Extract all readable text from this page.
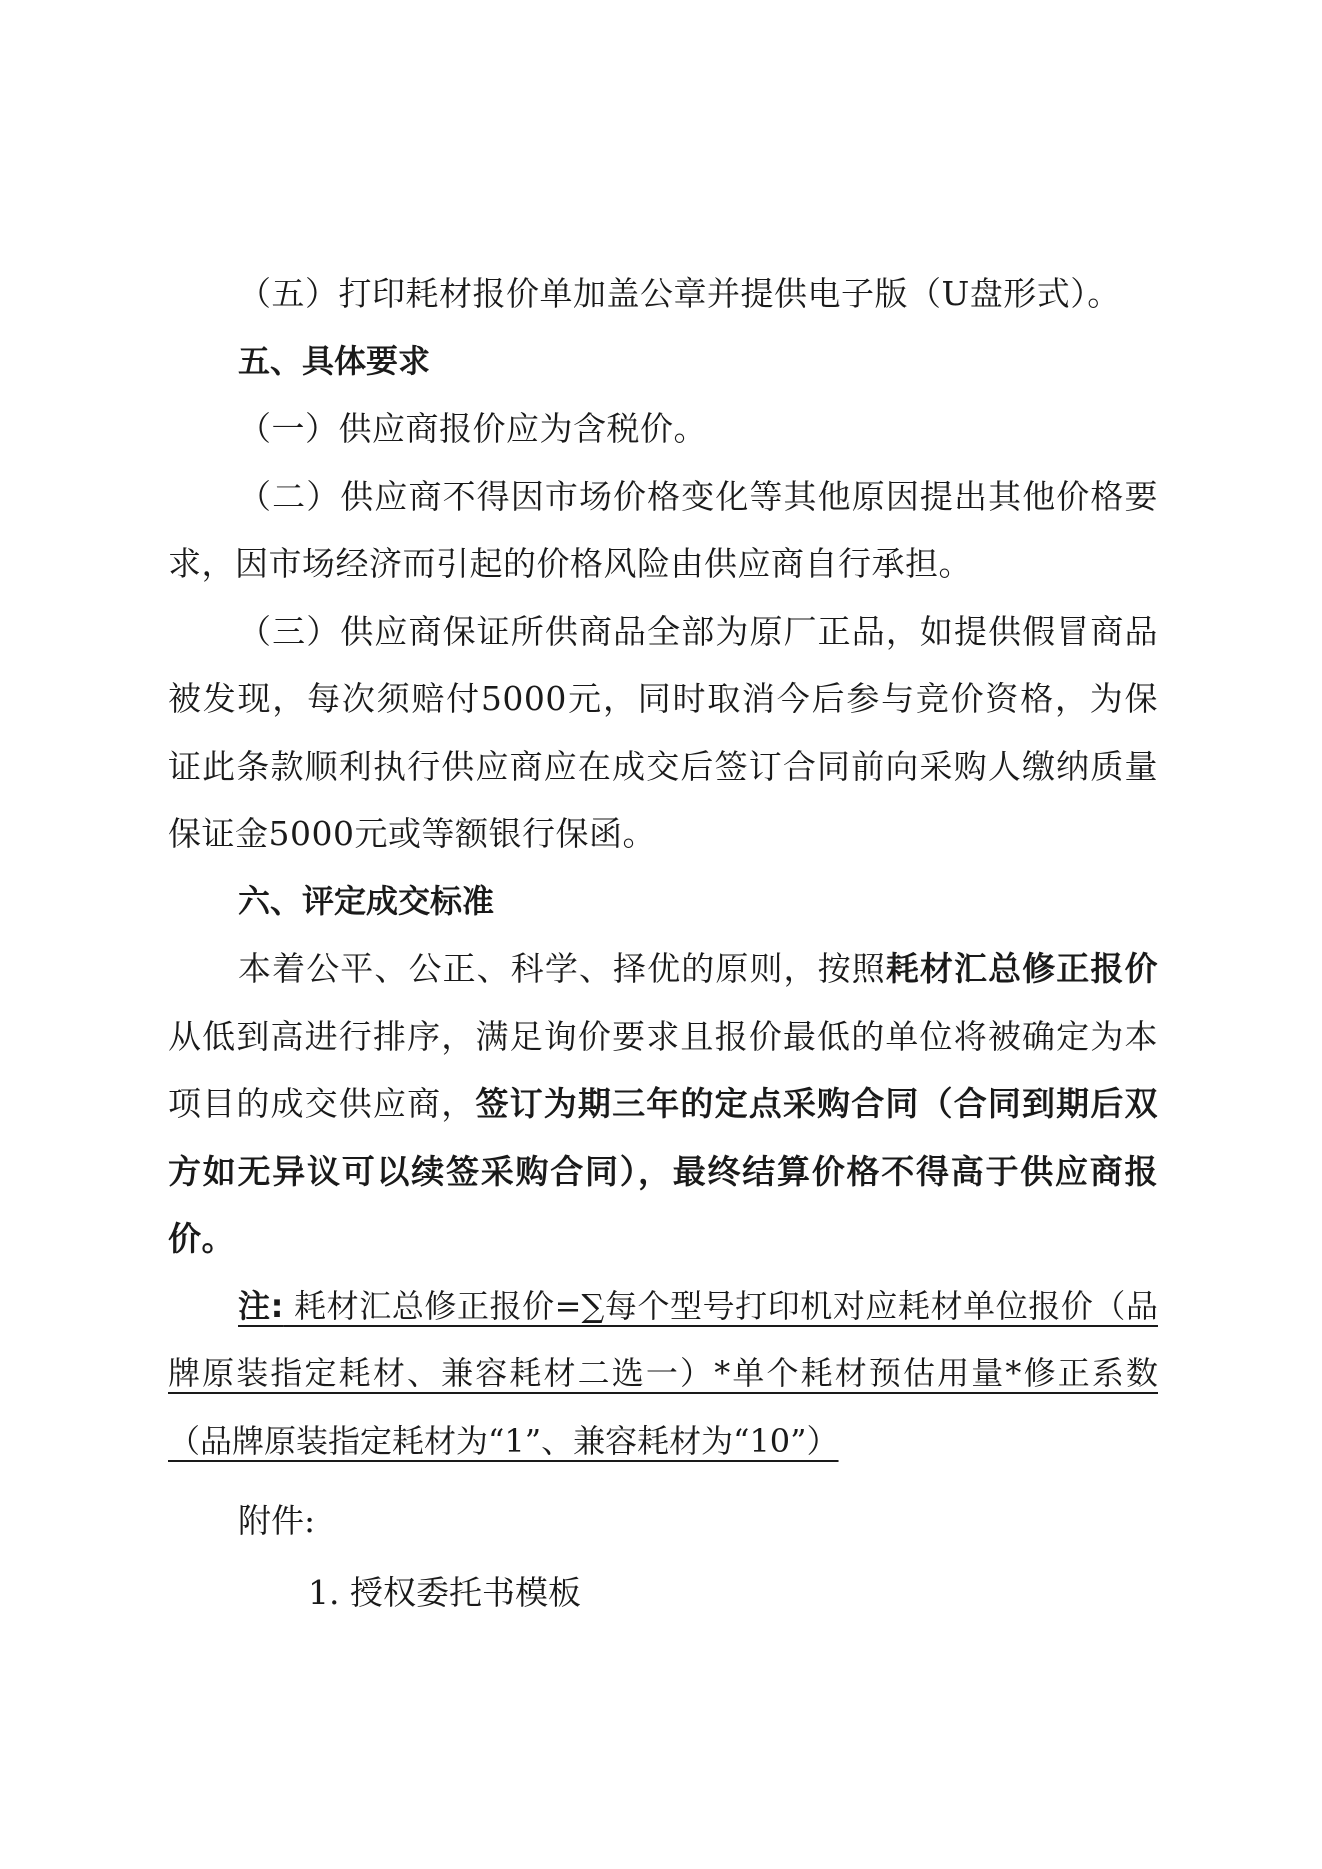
（五）打印耗材报价单加盖公章并提供电子版（U盘形式）。

五、具体要求

（一）供应商报价应为含税价。

（二）供应商不得因市场价格变化等其他原因提出其他价格要求，因市场经济而引起的价格风险由供应商自行承担。

（三）供应商保证所供商品全部为原厂正品，如提供假冒商品被发现，每次须赔付5000元，同时取消今后参与竞价资格，为保证此条款顺利执行供应商应在成交后签订合同前向采购人缴纳质量保证金5000元或等额银行保函。

六、评定成交标准

本着公平、公正、科学、择优的原则，按照耗材汇总修正报价从低到高进行排序，满足询价要求且报价最低的单位将被确定为本项目的成交供应商，签订为期三年的定点采购合同（合同到期后双方如无异议可以续签采购合同），最终结算价格不得高于供应商报价。

注: 耗材汇总修正报价=∑每个型号打印机对应耗材单位报价（品牌原装指定耗材、兼容耗材二选一）*单个耗材预估用量*修正系数（品牌原装指定耗材为“1”、兼容耗材为“10”）

附件:

1. 授权委托书模板
